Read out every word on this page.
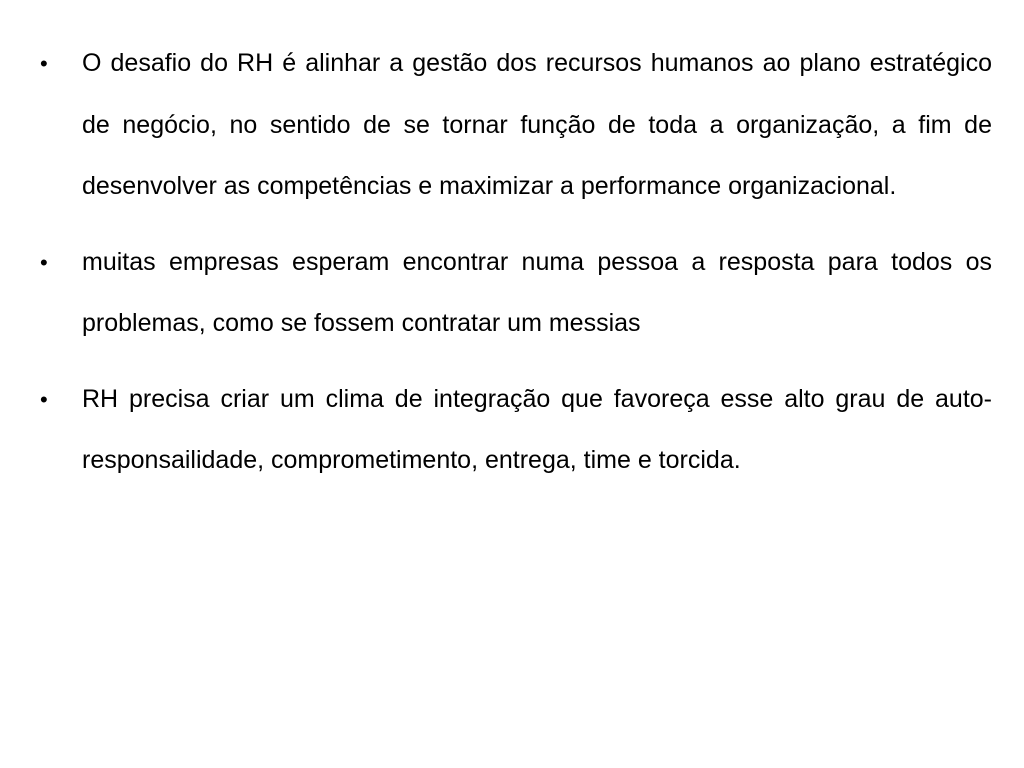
•	O desafio do RH é alinhar a gestão dos recursos humanos ao plano estratégico de negócio, no sentido de se tornar função de toda a organização, a fim de desenvolver as competências e maximizar a performance organizacional.
•	muitas empresas esperam encontrar numa pessoa a resposta para todos os problemas, como se fossem contratar um messias
•	RH precisa criar um clima de integração que favoreça esse alto grau de auto-responsailidade, comprometimento, entrega, time e torcida.
